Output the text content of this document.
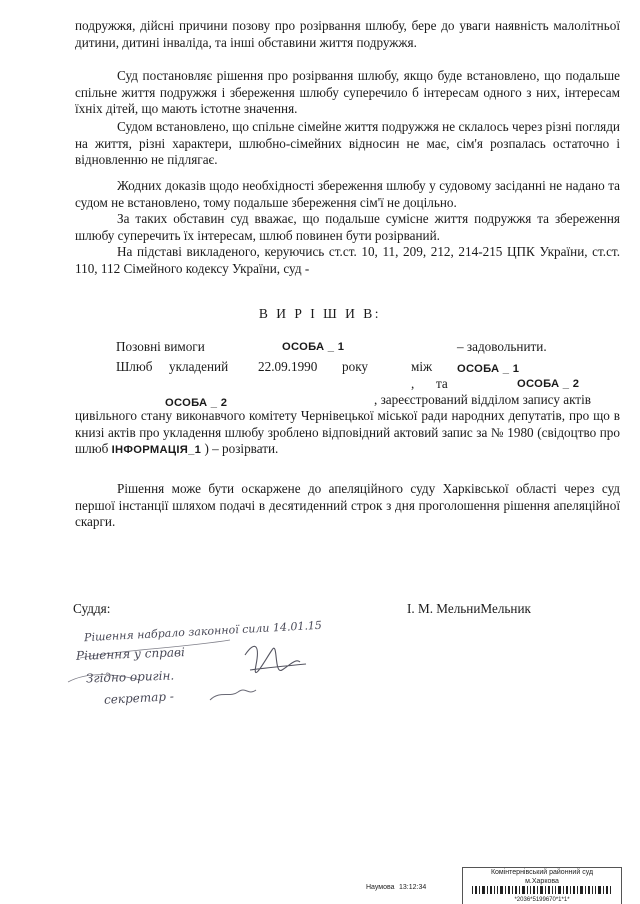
подружжя, дійсні причини позову про розірвання шлюбу, бере до уваги наявність малолітньої дитини, дитині інваліда, та інші обставини життя подружжя.

Суд постановляє рішення про розірвання шлюбу, якщо буде встановлено, що подальше спільне життя подружжя і збереження шлюбу суперечило б інтересам одного з них, інтересам їхніх дітей, що мають істотне значення.

Судом встановлено, що спільне сімейне життя подружжя не склалось через різні погляди на життя, різні характери, шлюбно-сімейних відносин не має, сім'я розпалась остаточно і відновленню не підлягає.

Жодних доказів щодо необхідності збереження шлюбу у судовому засіданні не надано та судом не встановлено, тому подальше збереження сім'ї не доцільно.

За таких обставин суд вважає, що подальше сумісне життя подружжя та збереження шлюбу суперечить їх інтересам, шлюб повинен бути розірваний.

На підставі викладеного, керуючись ст.ст. 10, 11, 209, 212, 214-215 ЦПК України, ст.ст. 110, 112 Сімейного кодексу України, суд -

В И Р І Ш И В:
Позовні вимоги	ОСОБА _ 1	– задовольнити.
Шлюб укладений 22.09.1990 року	між ОСОБА _ 1
ОСОБА _ 2
, та	ОСОБА _ 2
, зареєстрований відділом запису актів

цивільного стану виконавчого комітету Чернівецької міської ради народних депутатів, про що в книзі актів про укладення шлюбу зроблено відповідний актовий запис за № 1980 (свідоцтво про шлюб ІНФОРМАЦІЯ_1 ) – розірвати.

Рішення може бути оскаржене до апеляційного суду Харківської області через суд першої інстанції шляхом подачі в десятиденний строк з дня проголошення рішення апеляційної скарги.

Суддя:	І. М. МельниМельник
Рішення набрало законної сили 14.01.15
Рішення у справі
Згідно оригін.
секретар -
Комінтернівський районний суд
м.Харкова
*2036*5199670*1*1*
Наумова 13:12:34
